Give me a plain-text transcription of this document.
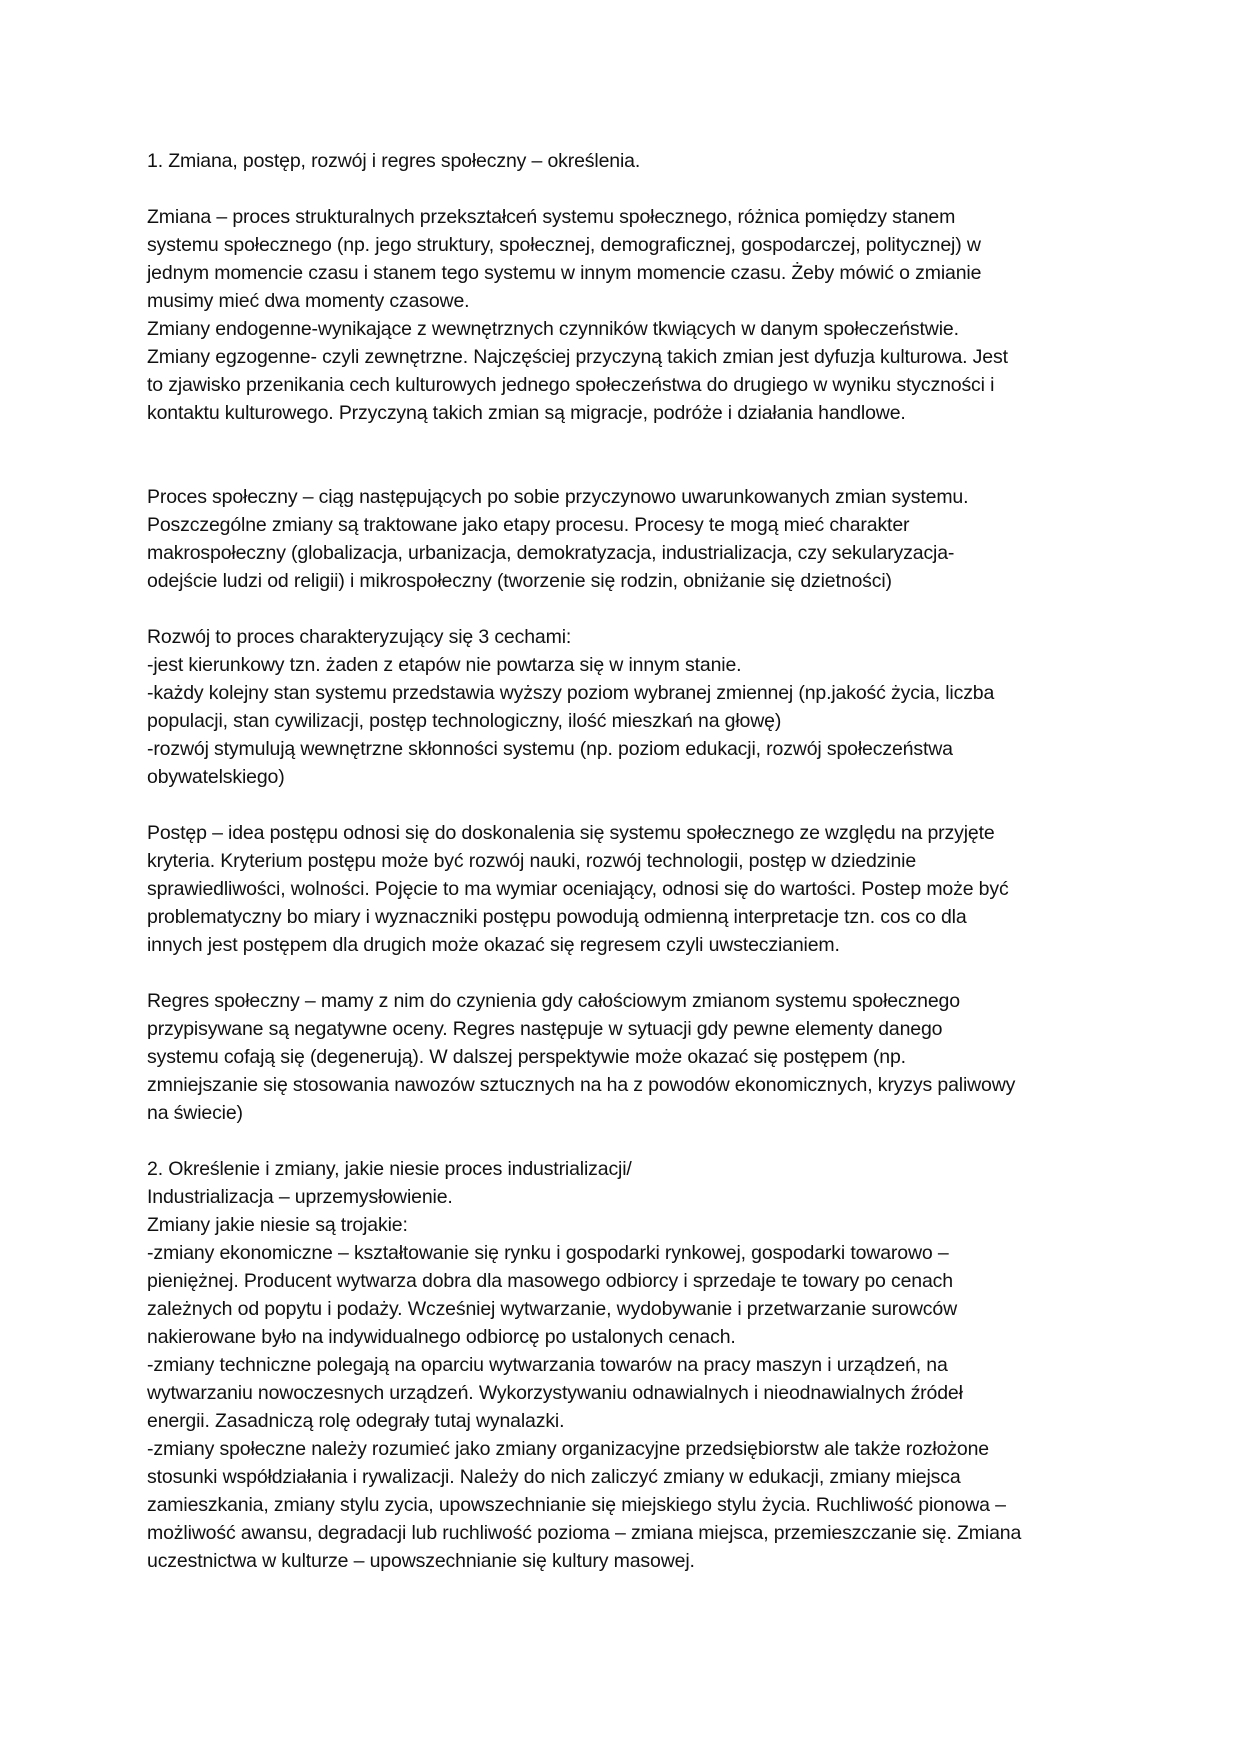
1. Zmiana, postęp, rozwój i regres społeczny – określenia.

Zmiana – proces strukturalnych przekształceń systemu społecznego, różnica pomiędzy stanem
systemu społecznego (np. jego struktury, społecznej, demograficznej, gospodarczej, politycznej) w
jednym momencie czasu i stanem tego systemu w innym momencie czasu. Żeby mówić o zmianie
musimy mieć dwa momenty czasowe.
Zmiany endogenne-wynikające z wewnętrznych czynników tkwiących w danym społeczeństwie.
Zmiany egzogenne- czyli zewnętrzne. Najczęściej przyczyną takich zmian jest dyfuzja kulturowa. Jest
to zjawisko przenikania cech kulturowych jednego społeczeństwa do drugiego w wyniku styczności i
kontaktu kulturowego. Przyczyną takich zmian są migracje, podróże i działania handlowe.

Proces społeczny – ciąg następujących po sobie przyczynowo uwarunkowanych zmian systemu.
Poszczególne zmiany są traktowane jako etapy procesu. Procesy te mogą mieć charakter
makrospołeczny (globalizacja, urbanizacja, demokratyzacja, industrializacja, czy sekularyzacja-
odejście ludzi od religii) i mikrospołeczny (tworzenie się rodzin, obniżanie się dzietności)

Rozwój to proces charakteryzujący się 3 cechami:
-jest kierunkowy tzn. żaden z etapów nie powtarza się w innym stanie.
-każdy kolejny stan systemu przedstawia wyższy poziom wybranej zmiennej (np.jakość życia, liczba
populacji, stan cywilizacji, postęp technologiczny, ilość mieszkań na głowę)
-rozwój stymulują wewnętrzne skłonności systemu (np. poziom edukacji, rozwój społeczeństwa
obywatelskiego)

Postęp – idea postępu odnosi się do doskonalenia się systemu społecznego ze względu na przyjęte
kryteria. Kryterium postępu może być rozwój nauki, rozwój technologii, postęp w dziedzinie
sprawiedliwości, wolności. Pojęcie to ma wymiar oceniający, odnosi się do wartości. Postep może być
problematyczny bo miary i wyznaczniki postępu powodują odmienną interpretacje tzn. cos co dla
innych jest postępem dla drugich może okazać się regresem czyli uwsteczianiem.

Regres społeczny – mamy z nim do czynienia gdy całościowym zmianom systemu społecznego
przypisywane są negatywne oceny. Regres następuje w sytuacji gdy pewne elementy danego
systemu cofają się (degenerują). W dalszej perspektywie może okazać się postępem (np.
zmniejszanie się stosowania nawozów sztucznych na ha z powodów ekonomicznych, kryzys paliwowy
na świecie)

2. Określenie i zmiany, jakie niesie proces industrializacji/
Industrializacja – uprzemysłowienie.
Zmiany jakie niesie są trojakie:
-zmiany ekonomiczne – kształtowanie się rynku i gospodarki rynkowej, gospodarki towarowo –
pieniężnej. Producent wytwarza dobra dla masowego odbiorcy i sprzedaje te towary po cenach
zależnych od popytu i podaży. Wcześniej wytwarzanie, wydobywanie i przetwarzanie surowców
nakierowane było na indywidualnego odbiorcę po ustalonych cenach.
-zmiany techniczne polegają na oparciu wytwarzania towarów na pracy maszyn i urządzeń, na
wytwarzaniu nowoczesnych urządzeń. Wykorzystywaniu odnawialnych i nieodnawialnych źródeł
energii. Zasadniczą rolę odegrały tutaj wynalazki.
-zmiany społeczne należy rozumieć jako zmiany organizacyjne przedsiębiorstw ale także rozłożone
stosunki współdziałania i rywalizacji. Należy do nich zaliczyć zmiany w edukacji, zmiany miejsca
zamieszkania, zmiany stylu zycia, upowszechnianie się miejskiego stylu życia. Ruchliwość pionowa –
możliwość awansu, degradacji lub ruchliwość pozioma – zmiana miejsca, przemieszczanie się. Zmiana
uczestnictwa w kulturze – upowszechnianie się kultury masowej.
